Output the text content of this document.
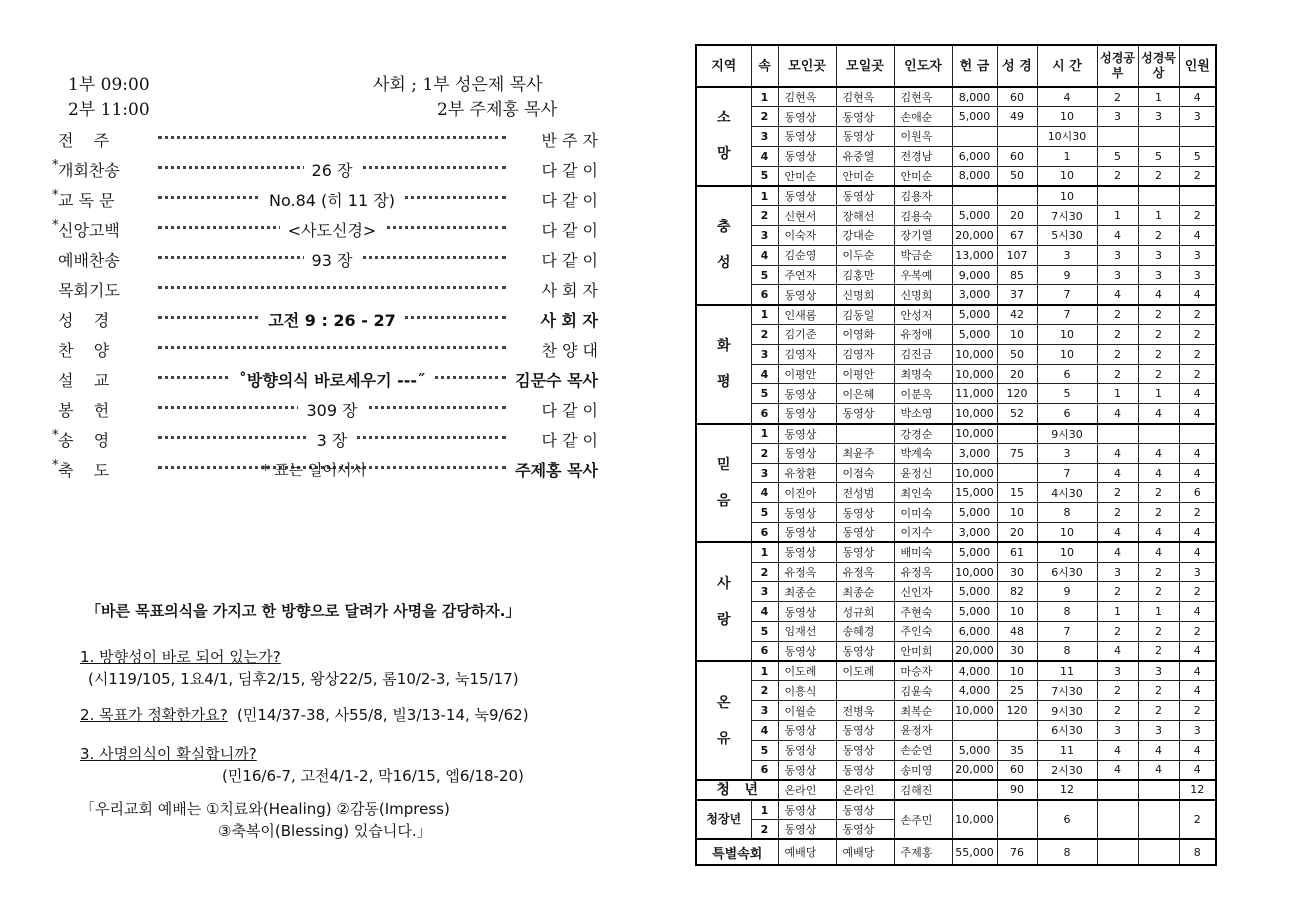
1부 09:00
2부 11:00
사회 ; 1부 성은제 목사
2부 주제홍 목사
전    주	반 주 자
* 개회찬송	26 장	다 같 이
* 교 독 문	No.84 (히 11 장)	다 같 이
* 신앙고백	<사도신경>	다 같 이
예배찬송	93 장	다 같 이
목회기도	사 회 자
성    경	고전 9 : 26 - 27	사 회 자
찬    양	찬 양 대
설    교	˚방향의식 바로세우기 ---˝	김문수 목사
봉    헌	309 장	다 같 이
* 송    영	3 장	다 같 이
* 축    도	주제홍 목사
* 표는 일어서서
「바른 목표의식을 가지고 한 방향으로 달려가 사명을 감당하자.」
1. 방향성이 바로 되어 있는가?
(시119/105, 1요4/1, 딤후2/15, 왕상22/5, 롬10/2-3, 눅15/17)
2. 목표가 정확한가요? (민14/37-38, 사55/8, 빌3/13-14, 눅9/62)
3. 사명의식이 확실합니까?
(민16/6-7, 고전4/1-2, 막16/15, 엡6/18-20)
「우리교회 예배는 ①치료와(Healing) ②감동(Impress)
③축복이(Blessing) 있습니다.」
지역	속	모인곳	모일곳	인도자	헌 금	성 경	시 간	성경공부	성경묵상	인원
소

망	1	김현옥	김현옥	김현옥	8,000	60	4	2	1	4
	2	동영상	동영상	손애순	5,000	49	10	3	3	3
	3	동영상	동영상	이원옥			10시30			
	4	동영상	유중열	전경남	6,000	60	1	5	5	5
	5	안미순	안미순	안미순	8,000	50	10	2	2	2
충

성	1	동영상	동영상	김용자			10			
	2	신현서	장해선	김용숙	5,000	20	7시30	1	1	2
	3	이숙자	강대순	장기열	20,000	67	5시30	4	2	4
	4	김순영	이두순	박금순	13,000	107	3	3	3	3
	5	주연자	김홍만	우복예	9,000	85	9	3	3	3
	6	동영상	신명희	신명희	3,000	37	7	4	4	4
화

평	1	인새롬	김동일	안성저	5,000	42	7	2	2	2
	2	김기준	이영화	유정애	5,000	10	10	2	2	2
	3	김영자	김영자	김진금	10,000	50	10	2	2	2
	4	이평안	이평안	최명숙	10,000	20	6	2	2	2
	5	동영상	이은혜	이분옥	11,000	120	5	1	1	4
	6	동영상	동영상	박소영	10,000	52	6	4	4	4
믿

음	1	동영상		강경순	10,000		9시30			
	2	동영상	최윤주	박계숙	3,000	75	3	4	4	4
	3	유창환	이점숙	윤정신	10,000		7	4	4	4
	4	이진아	전성범	최인숙	15,000	15	4시30	2	2	6
	5	동영상	동영상	이미숙	5,000	10	8	2	2	2
	6	동영상	동영상	이지수	3,000	20	10	4	4	4
사

랑	1	동영상	동영상	배미숙	5,000	61	10	4	4	4
	2	유정옥	유정옥	유정옥	10,000	30	6시30	3	2	3
	3	최종순	최종순	신인자	5,000	82	9	2	2	2
	4	동영상	성규희	주현숙	5,000	10	8	1	1	4
	5	임재선	송혜경	주인숙	6,000	48	7	2	2	2
	6	동영상	동영상	안미희	20,000	30	8	4	2	4
온

유	1	이도례	이도례	마승자	4,000	10	11	3	3	4
	2	이흥식		김윤숙	4,000	25	7시30	2	2	4
	3	이월순	전병욱	최복순	10,000	120	9시30	2	2	2
	4	동영상	동영상	윤정자			6시30	3	3	3
	5	동영상	동영상	손순연	5,000	35	11	4	4	4
	6	동영상	동영상	송미영	20,000	60	2시30	4	4	4
청   년		온라인	온라인	김해진		90	12			12
청장년	1	동영상	동영상	손주민	10,000		6			2
	2	동영상	동영상							
특별속회		예배당	예배당	주제홍	55,000	76	8			8
